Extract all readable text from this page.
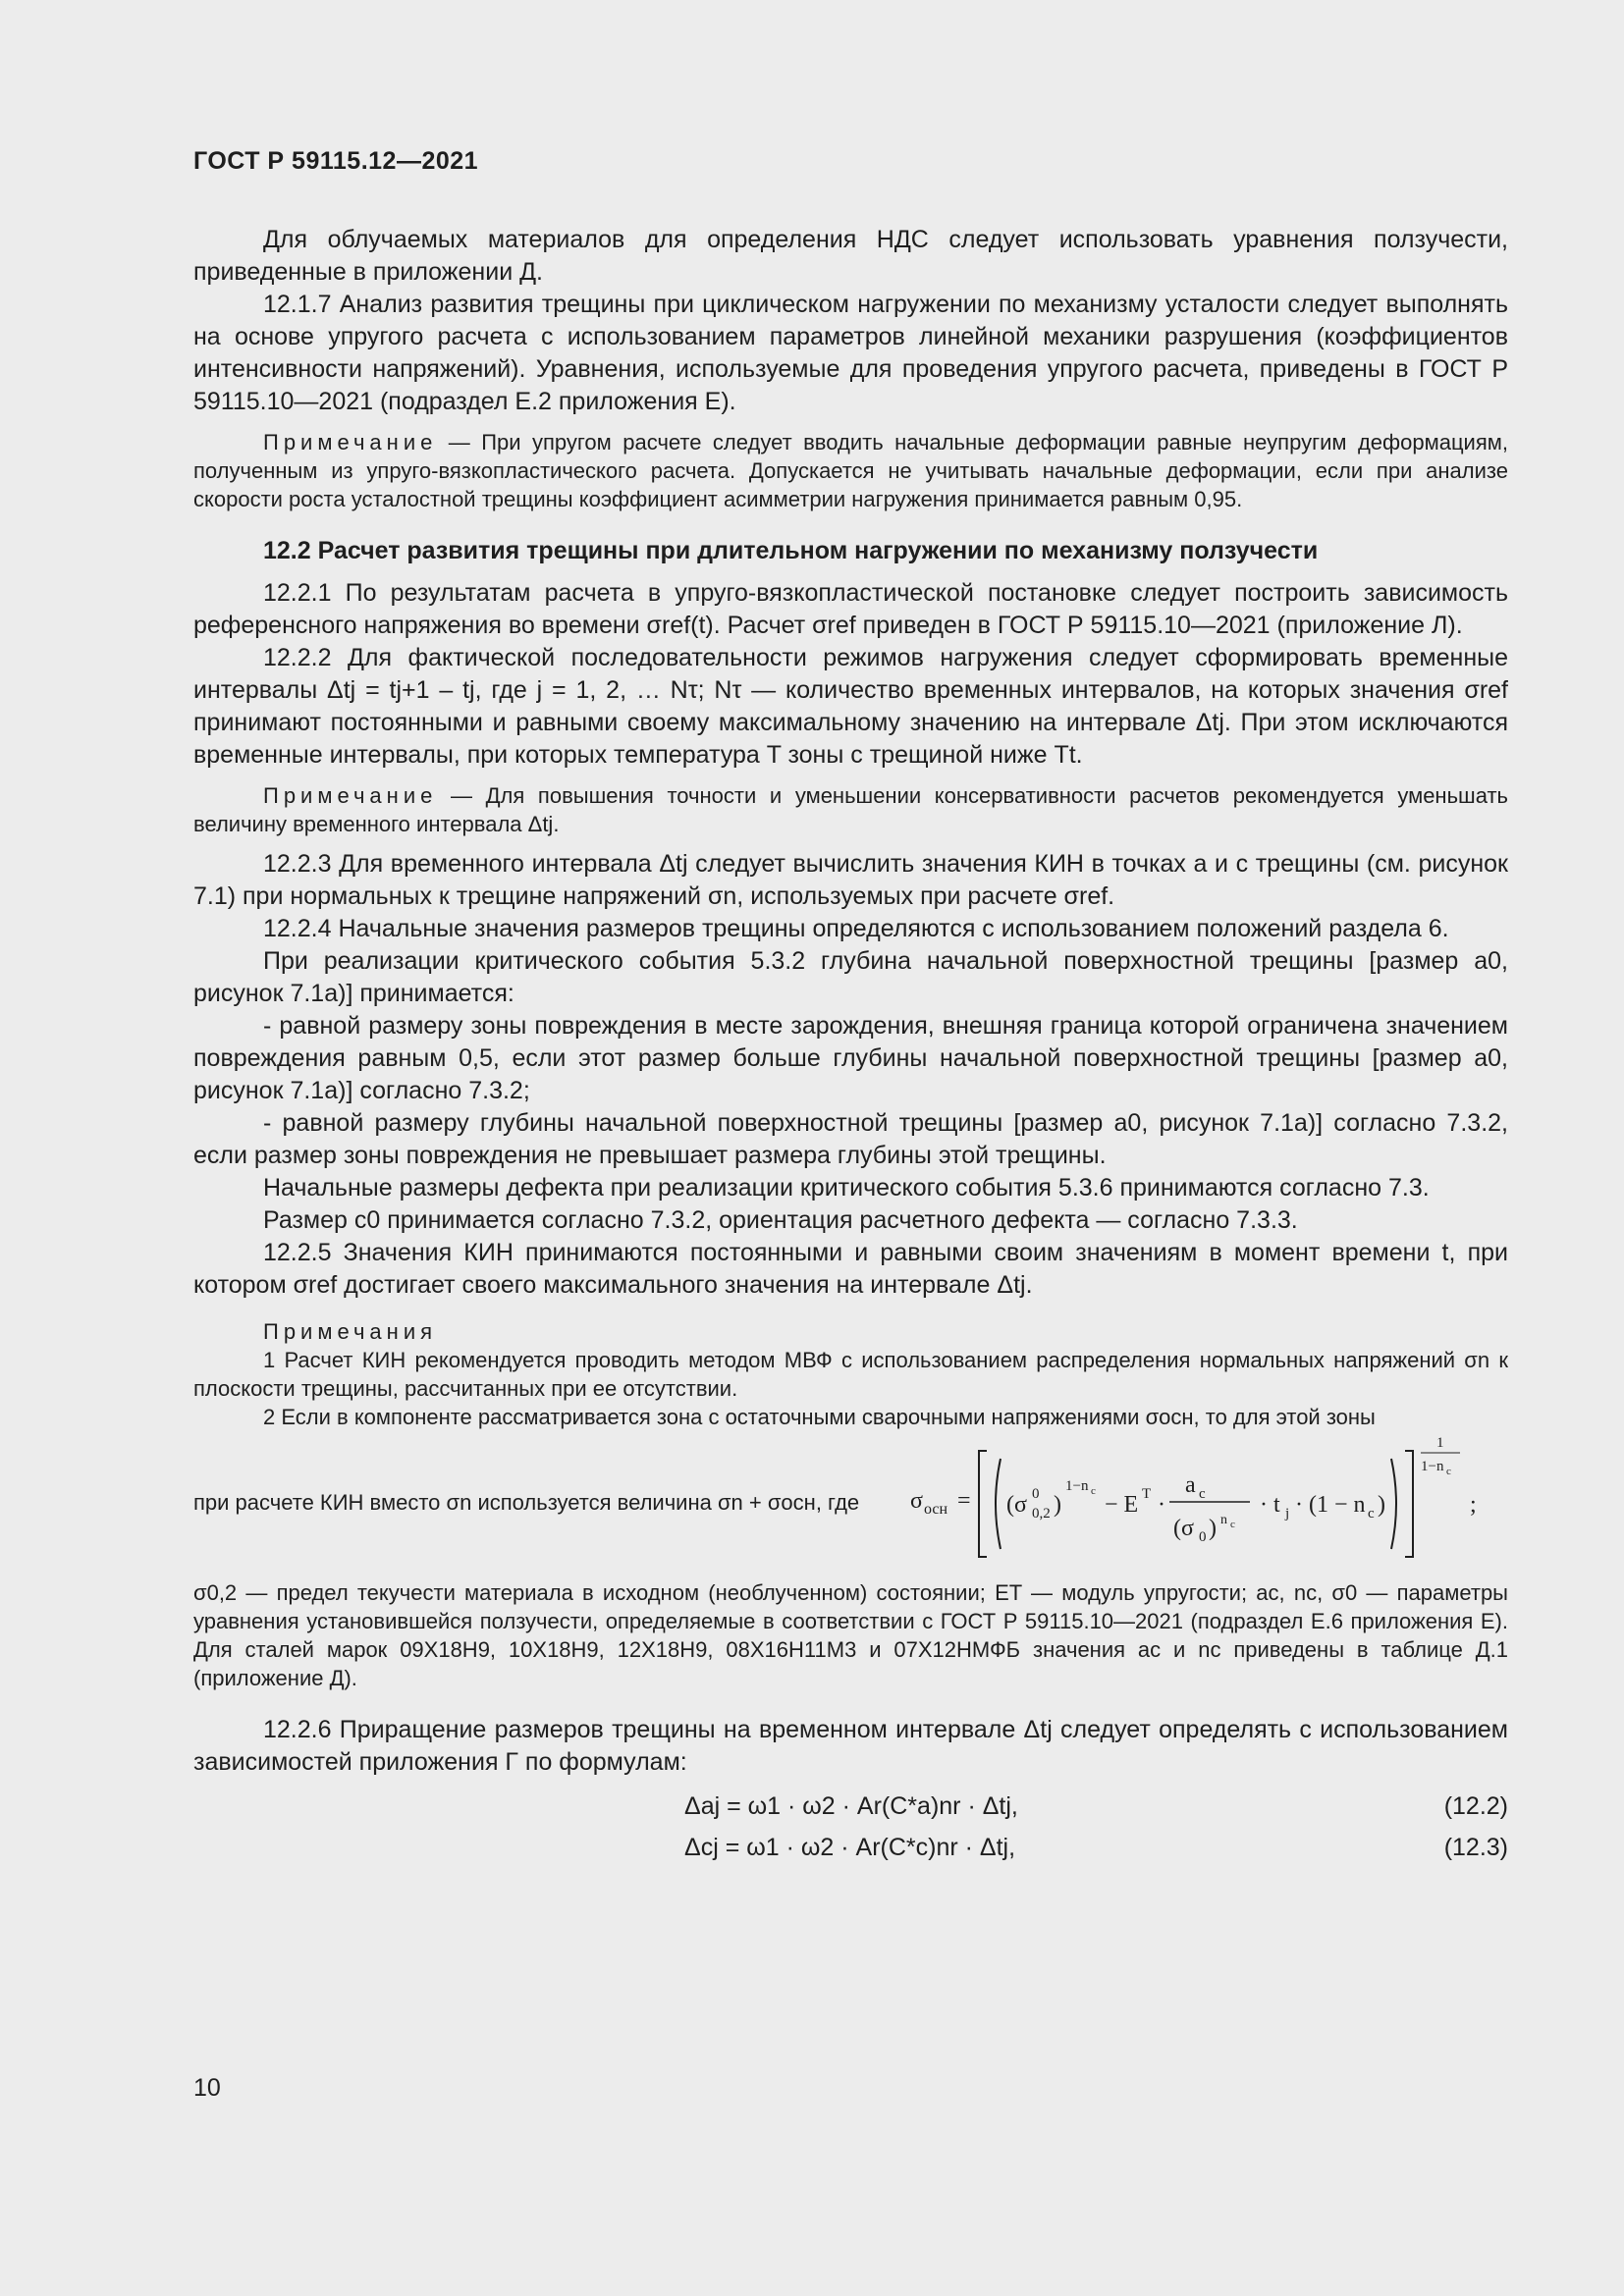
ГОСТ Р 59115.12—2021

Для облучаемых материалов для определения НДС следует использовать уравнения ползучести, приведенные в приложении Д.

12.1.7 Анализ развития трещины при циклическом нагружении по механизму усталости следует выполнять на основе упругого расчета с использованием параметров линейной механики разрушения (коэффициентов интенсивности напряжений). Уравнения, используемые для проведения упругого расчета, приведены в ГОСТ Р 59115.10—2021 (подраздел Е.2 приложения Е).

Примечание — При упругом расчете следует вводить начальные деформации равные неупругим деформациям, полученным из упруго-вязкопластического расчета. Допускается не учитывать начальные деформации, если при анализе скорости роста усталостной трещины коэффициент асимметрии нагружения принимается равным 0,95.

12.2 Расчет развития трещины при длительном нагружении по механизму ползучести

12.2.1 По результатам расчета в упруго-вязкопластической постановке следует построить зависимость референсного напряжения во времени σref(t). Расчет σref приведен в ГОСТ Р 59115.10—2021 (приложение Л).

12.2.2 Для фактической последовательности режимов нагружения следует сформировать временные интервалы Δtj = tj+1 – tj, где j = 1, 2, … Nτ; Nτ — количество временных интервалов, на которых значения σref принимают постоянными и равными своему максимальному значению на интервале Δtj. При этом исключаются временные интервалы, при которых температура T зоны с трещиной ниже Tt.

Примечание — Для повышения точности и уменьшении консервативности расчетов рекомендуется уменьшать величину временного интервала Δtj.

12.2.3 Для временного интервала Δtj следует вычислить значения КИН в точках a и c трещины (см. рисунок 7.1) при нормальных к трещине напряжений σn, используемых при расчете σref.

12.2.4 Начальные значения размеров трещины определяются с использованием положений раздела 6.

При реализации критического события 5.3.2 глубина начальной поверхностной трещины [размер a0, рисунок 7.1а)] принимается:

- равной размеру зоны повреждения в месте зарождения, внешняя граница которой ограничена значением повреждения равным 0,5, если этот размер больше глубины начальной поверхностной трещины [размер a0, рисунок 7.1а)] согласно 7.3.2;

- равной размеру глубины начальной поверхностной трещины [размер a0, рисунок 7.1а)] согласно 7.3.2, если размер зоны повреждения не превышает размера глубины этой трещины.

Начальные размеры дефекта при реализации критического события 5.3.6 принимаются согласно 7.3.

Размер c0 принимается согласно 7.3.2, ориентация расчетного дефекта — согласно 7.3.3.

12.2.5 Значения КИН принимаются постоянными и равными своим значениям в момент времени t, при котором σref достигает своего максимального значения на интервале Δtj.

Примечания

1 Расчет КИН рекомендуется проводить методом МВФ с использованием распределения нормальных напряжений σn к плоскости трещины, рассчитанных при ее отсутствии.

2 Если в компоненте рассматривается зона с остаточными сварочными напряжениями σосн, то для этой зоны

при расчете КИН вместо σn используется величина σn + σосн, где σ осн = (σ 0
0,2 )
1−n c
− E T ·
a c
(σ 0 ) n c
· t j · (1 − n c )
1
1−n c
;

σ0,2 — предел текучести материала в исходном (необлученном) состоянии; ET — модуль упругости; ac, nc, σ0 — параметры уравнения установившейся ползучести, определяемые в соответствии с ГОСТ Р 59115.10—2021 (подраздел Е.6 приложения Е). Для сталей марок 09Х18Н9, 10Х18Н9, 12Х18Н9, 08Х16Н11М3 и 07Х12НМФБ значения ac и nc приведены в таблице Д.1 (приложение Д).

12.2.6 Приращение размеров трещины на временном интервале Δtj следует определять с использованием зависимостей приложения Г по формулам:

Δaj = ω1 · ω2 · Ar(C*a)nr · Δtj,	(12.2)
Δcj = ω1 · ω2 · Ar(C*c)nr · Δtj,	(12.3)
10
